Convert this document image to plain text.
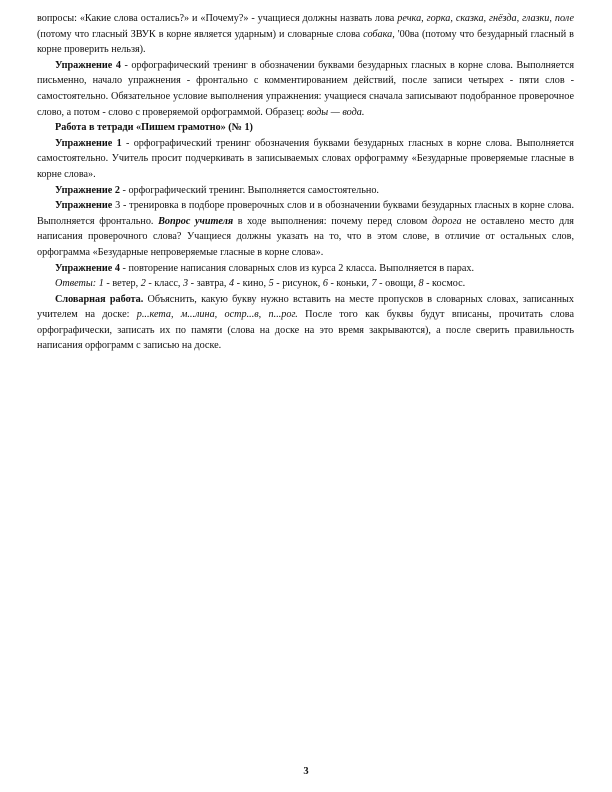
вопросы: «Какие слова остались?» и «Почему?» - учащиеся должны назвать лова речка, горка, сказка, гнёзда, глазки, поле (потому что гласный ЗВУК в корне является ударным) и словарные слова собака, '00ва (потому что безударный гласный в корне проверить нельзя).

Упражнение 4 - орфографический тренинг в обозначении буквами безударных гласных в корне слова. Выполняется письменно, начало упражнения - фронтально с комментированием действий, после записи четырех - пяти слов - самостоятельно. Обязательное условие выполнения упражнения: учащиеся сначала записывают подобранное проверочное слово, а потом - слово с проверяемой орфограммой. Образец: воды — вода.

Работа в тетради «Пишем грамотно» (№ 1)

Упражнение 1 - орфографический тренинг обозначения буквами безударных гласных в корне слова. Выполняется самостоятельно. Учитель просит подчеркивать в записываемых словах орфограмму «Безударные проверяемые гласные в корне слова».

Упражнение 2 - орфографический тренинг. Выполняется самостоятельно.

Упражнение 3 - тренировка в подборе проверочных слов и в обозначении буквами безударных гласных в корне слова. Выполняется фронтально. Вопрос учителя в ходе выполнения: почему перед словом дорога не оставлено место для написания проверочного слова? Учащиеся должны указать на то, что в этом слове, в отличие от остальных слов, орфограмма «Безударные непроверяемые гласные в корне слова».

Упражнение 4 - повторение написания словарных слов из курса 2 класса. Выполняется в парах.

Ответы: 1 - ветер, 2 - класс, 3 - завтра, 4 - кино, 5 - рисунок, 6 - коньки, 7 - овощи, 8 - космос.

Словарная работа. Объяснить, какую букву нужно вставить на месте пропусков в словарных словах, записанных учителем на доске: р...кета, м...лина, остр...в, п...рог. После того как буквы будут вписаны, прочитать слова орфографически, записать их по памяти (слова на доске на это время закрываются), а после сверить правильность написания орфограмм с записью на доске.

3
